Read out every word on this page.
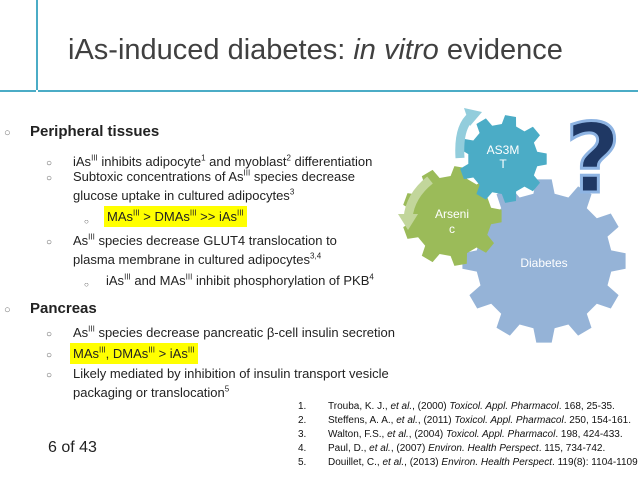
iAs-induced diabetes: in vitro evidence
○ Peripheral tissues
○ iAs$^{III}$ inhibits adipocyte$^1$ and myoblast$^2$ differentiation
○ Subtoxic concentrations of $As^{III}$ species decrease
glucose uptake in cultured adipocytes$^3$
○ MAs$^{III}$ > DMAs$^{III}$ >> iAs$^{III}$
○ $As^{III}$ species decrease GLUT4 translocation to
plasma membrane in cultured adipocytes$^{3,4}$
○ iAs$^{III}$ and MAs$^{III}$ inhibit phosphorylation of PKB$^4$
○ Pancreas
○ $As^{III}$ species decrease pancreatic β-cell insulin secretion
○ MAs$^{III}$, DMAs$^{III}$ > iAs$^{III}$
○ Likely mediated by inhibition of insulin transport vesicle
packaging or translocation$^5$
Diabetes
Arseni
c
AS3M
T ?
6 of 43
1. Trouba, K. J., et al., (2000) Toxicol. Appl. Pharmacol. 168, 25-35.
2. Steffens, A. A., et al., (2011) Toxicol. Appl. Pharmacol. 250, 154-161.
3. Walton, F.S., et al., (2004) Toxicol. Appl. Pharmacol. 198, 424-433.
4. Paul, D., et al., (2007) Environ. Health Perspect. 115, 734-742.
5. Douillet, C., et al., (2013) Environ. Health Perspect. 119(8): 1104-1109
